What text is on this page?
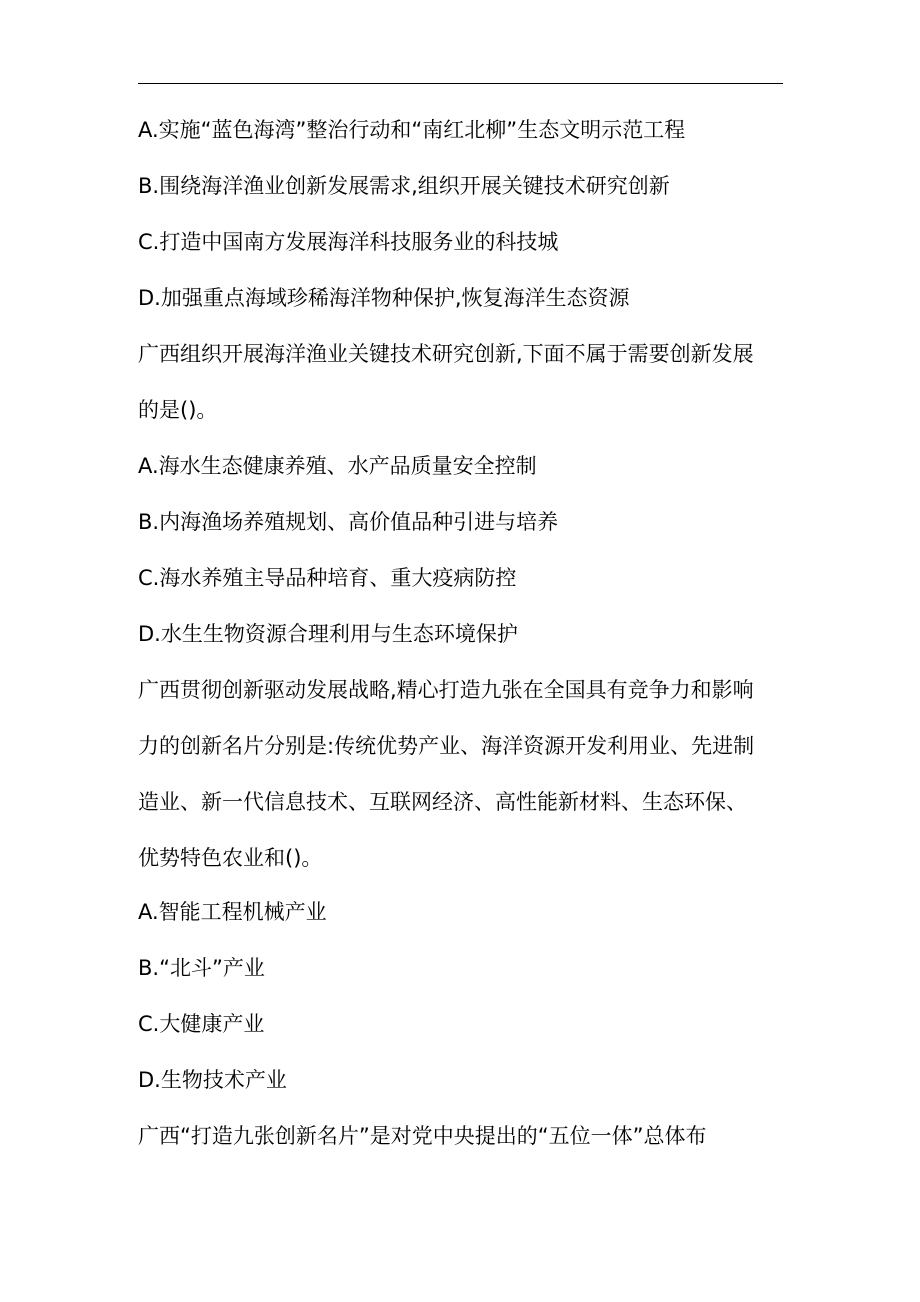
A.实施“蓝色海湾”整治行动和“南红北柳”生态文明示范工程
B.围绕海洋渔业创新发展需求,组织开展关键技术研究创新
C.打造中国南方发展海洋科技服务业的科技城
D.加强重点海域珍稀海洋物种保护,恢复海洋生态资源
广西组织开展海洋渔业关键技术研究创新,下面不属于需要创新发展
的是()。
A.海水生态健康养殖、水产品质量安全控制
B.内海渔场养殖规划、高价值品种引进与培养
C.海水养殖主导品种培育、重大疫病防控
D.水生生物资源合理利用与生态环境保护
广西贯彻创新驱动发展战略,精心打造九张在全国具有竞争力和影响
力的创新名片分别是:传统优势产业、海洋资源开发利用业、先进制
造业、新一代信息技术、互联网经济、高性能新材料、生态环保、
优势特色农业和()。
A.智能工程机械产业
B.“北斗”产业
C.大健康产业
D.生物技术产业
广西“打造九张创新名片”是对党中央提出的“五位一体”总体布
